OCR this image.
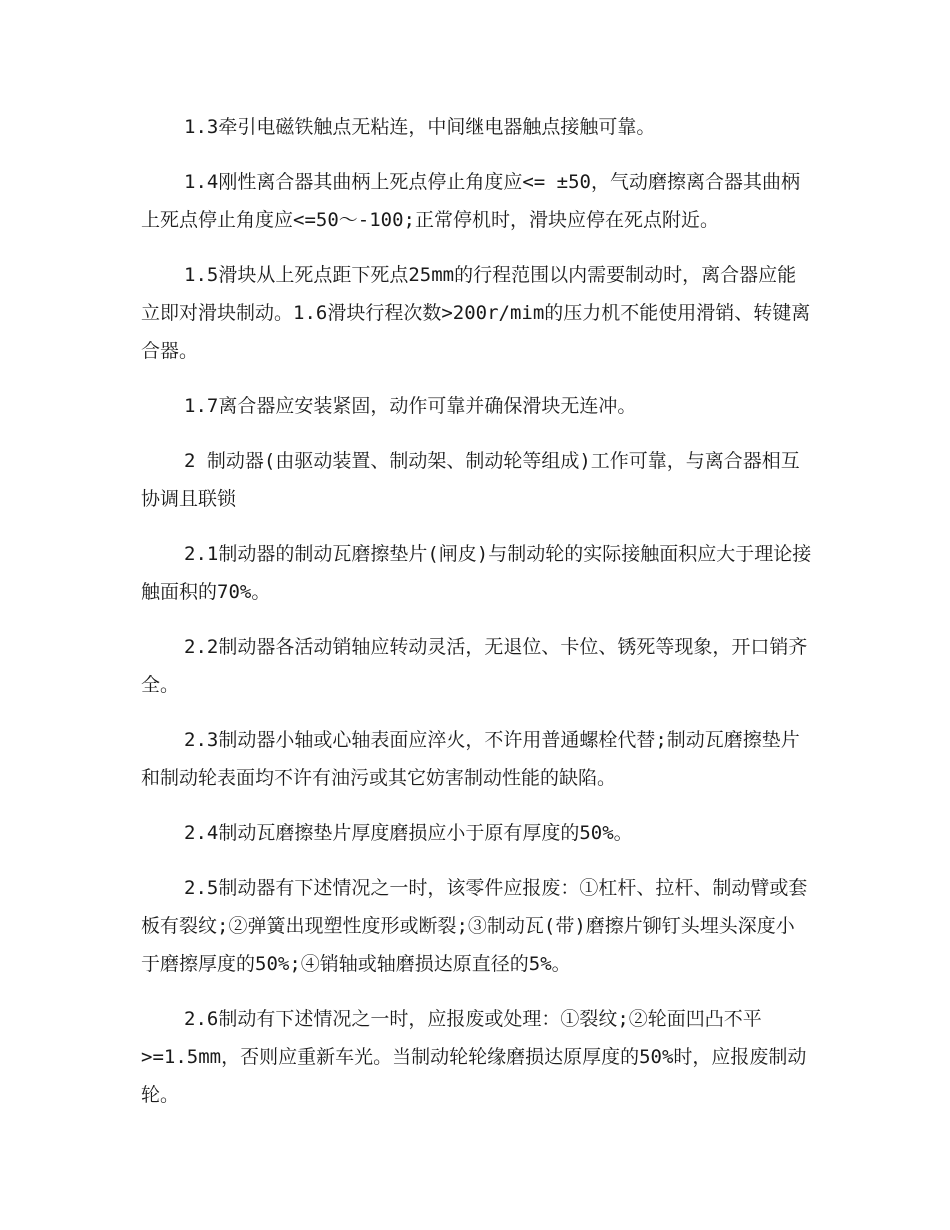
1.3牵引电磁铁触点无粘连，中间继电器触点接触可靠。

1.4刚性离合器其曲柄上死点停止角度应<= ±50，气动磨擦离合器其曲柄上死点停止角度应<=50～-100;正常停机时，滑块应停在死点附近。

1.5滑块从上死点距下死点25mm的行程范围以内需要制动时，离合器应能立即对滑块制动。1.6滑块行程次数>200r/mim的压力机不能使用滑销、转键离合器。

1.7离合器应安装紧固，动作可靠并确保滑块无连冲。

2 制动器(由驱动装置、制动架、制动轮等组成)工作可靠，与离合器相互协调且联锁

2.1制动器的制动瓦磨擦垫片(闸皮)与制动轮的实际接触面积应大于理论接触面积的70%。

2.2制动器各活动销轴应转动灵活，无退位、卡位、锈死等现象，开口销齐全。

2.3制动器小轴或心轴表面应淬火，不许用普通螺栓代替;制动瓦磨擦垫片和制动轮表面均不许有油污或其它妨害制动性能的缺陷。

2.4制动瓦磨擦垫片厚度磨损应小于原有厚度的50%。

2.5制动器有下述情况之一时，该零件应报废：①杠杆、拉杆、制动臂或套板有裂纹;②弹簧出现塑性度形或断裂;③制动瓦(带)磨擦片铆钉头埋头深度小于磨擦厚度的50%;④销轴或轴磨损达原直径的5%。

2.6制动有下述情况之一时，应报废或处理：①裂纹;②轮面凹凸不平>=1.5mm，否则应重新车光。当制动轮轮缘磨损达原厚度的50%时，应报废制动轮。
